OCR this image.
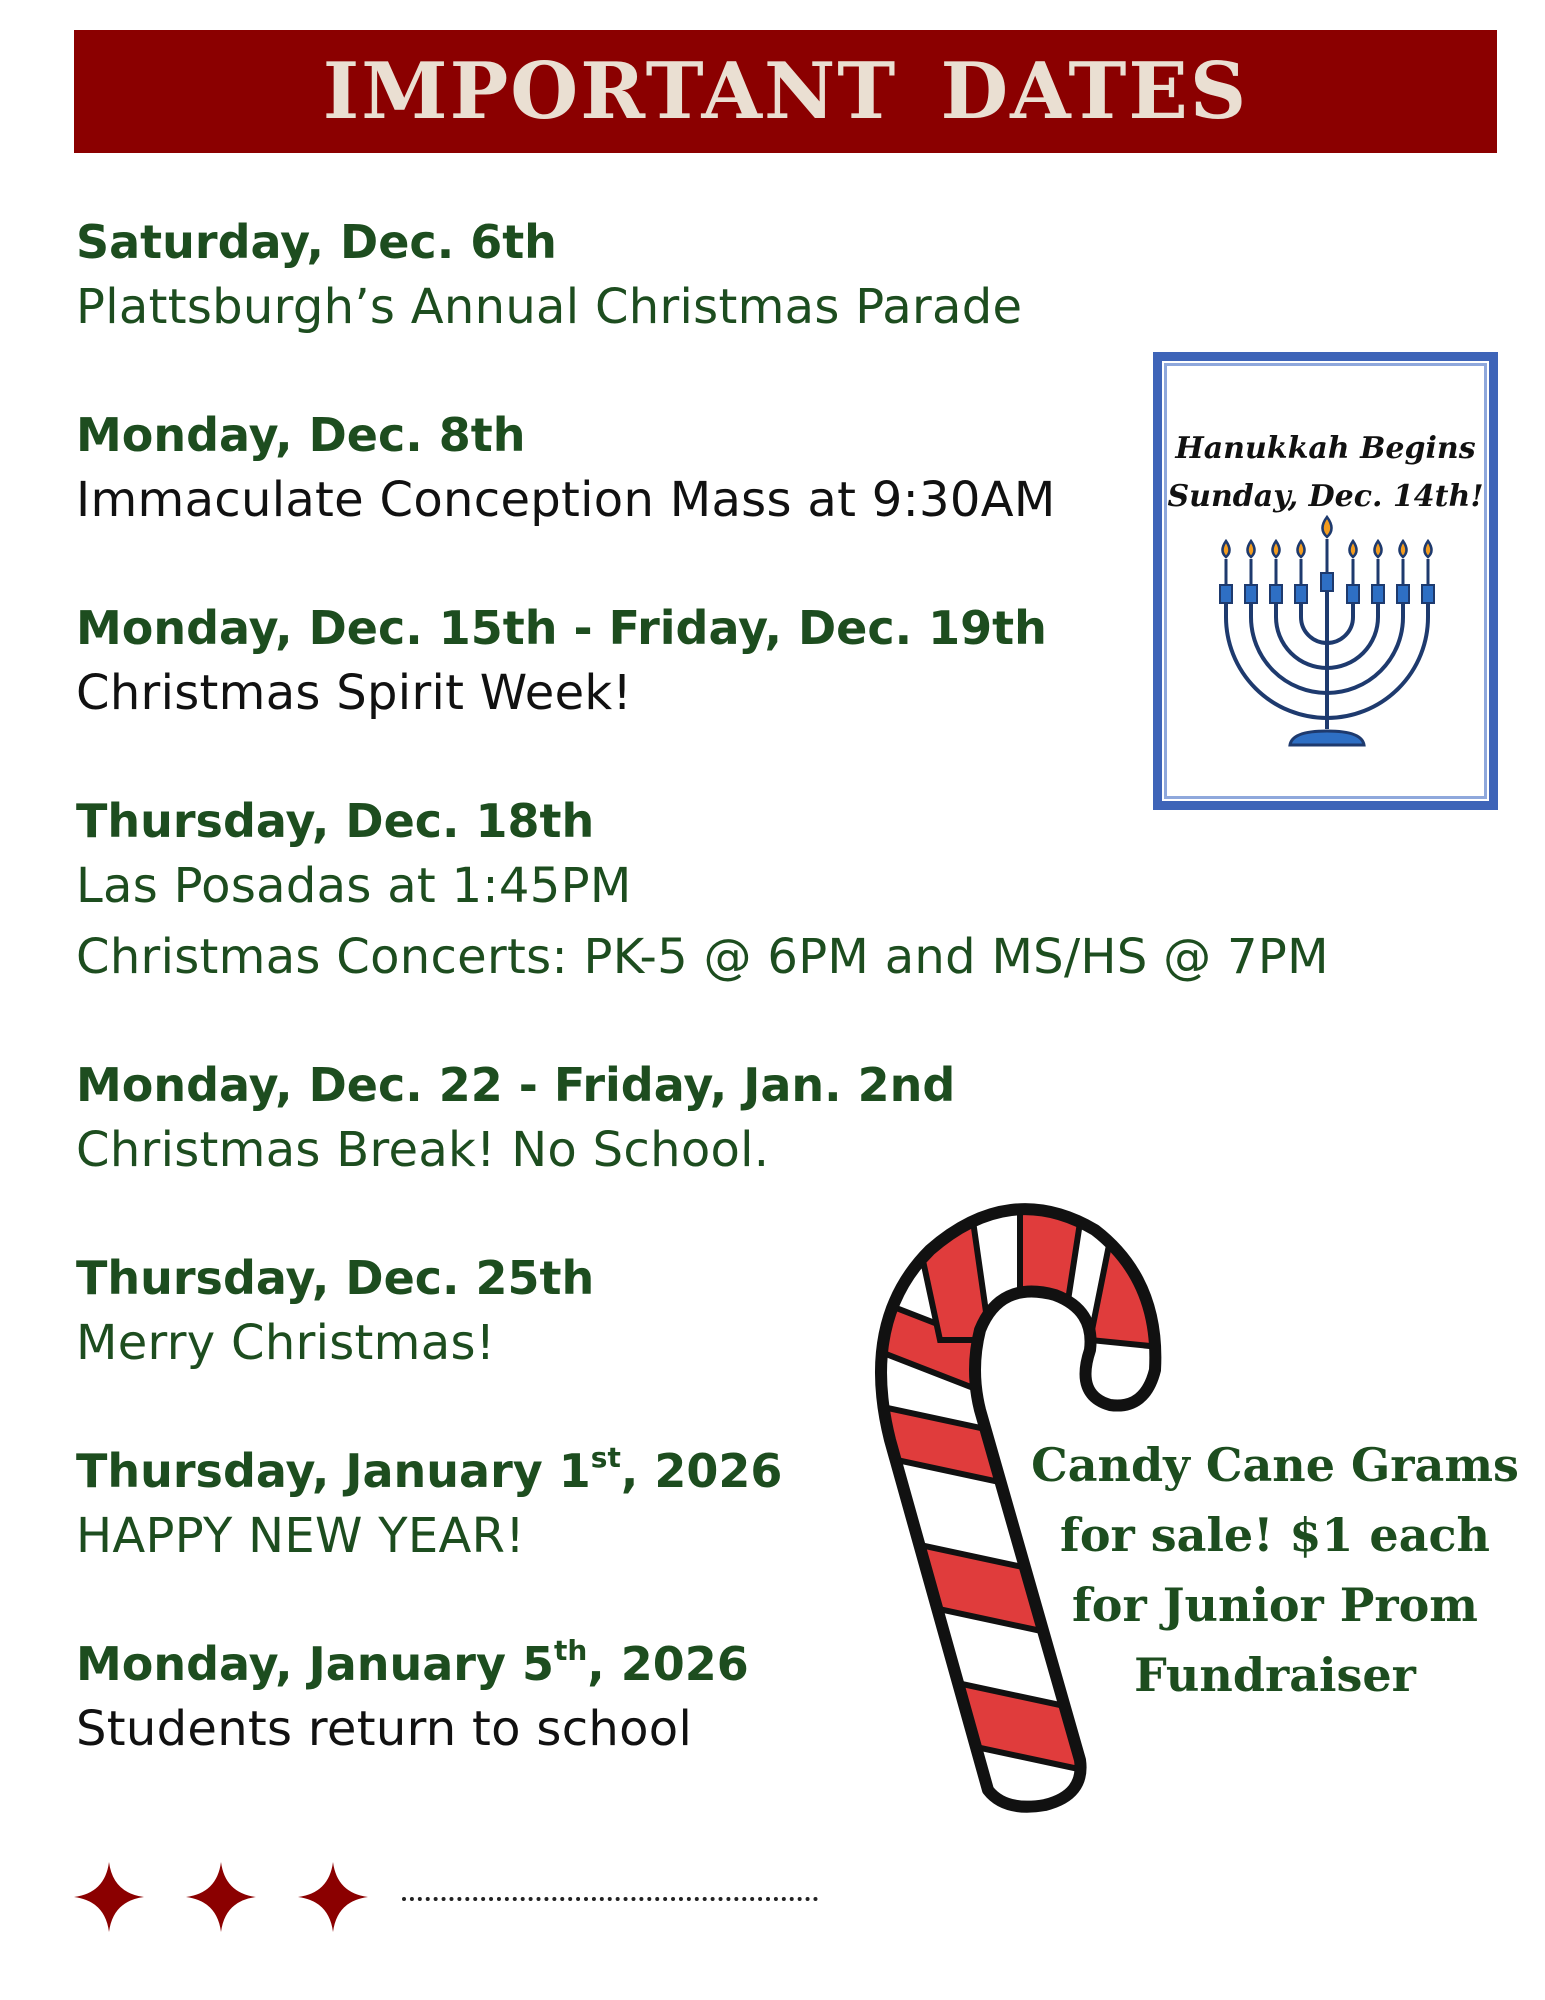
IMPORTANT DATES
Saturday, Dec. 6th
Plattsburgh’s Annual Christmas Parade
Monday, Dec. 8th
Immaculate Conception Mass at 9:30AM
Monday, Dec. 15th - Friday, Dec. 19th
Christmas Spirit Week!
Thursday, Dec. 18th
Las Posadas at 1:45PM
Christmas Concerts: PK-5 @ 6PM and MS/HS @ 7PM
Monday, Dec. 22 - Friday, Jan. 2nd
Christmas Break! No School.
Thursday, Dec. 25th
Merry Christmas!
Thursday, January 1st, 2026
HAPPY NEW YEAR!
Monday, January 5th, 2026
Students return to school
Hanukkah Begins
Sunday, Dec. 14th!
Candy Cane Grams
for sale! $1 each
for Junior Prom
Fundraiser
